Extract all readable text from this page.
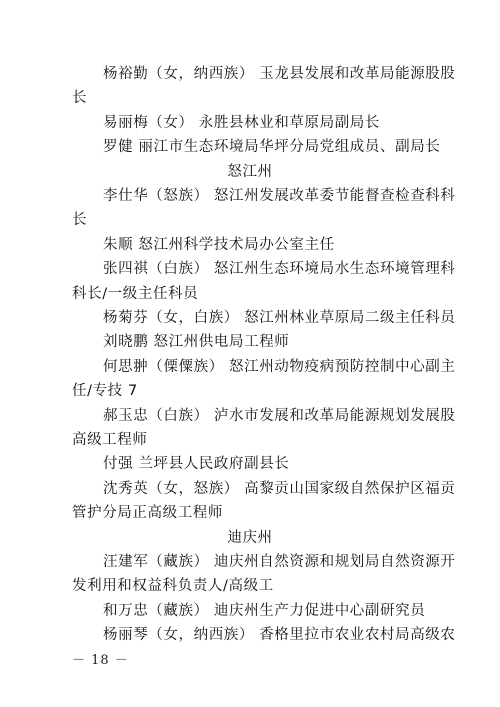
杨裕勤（女，纳西族） 玉龙县发展和改革局能源股股
长
易丽梅（女） 永胜县林业和草原局副局长
罗健 丽江市生态环境局华坪分局党组成员、副局长
怒江州
李仕华（怒族） 怒江州发展改革委节能督查检查科科
长
朱顺 怒江州科学技术局办公室主任
张四祺（白族） 怒江州生态环境局水生态环境管理科
科长/一级主任科员
杨菊芬（女，白族） 怒江州林业草原局二级主任科员
刘晓鹏 怒江州供电局工程师
何思翀（傈僳族） 怒江州动物疫病预防控制中心副主
任/专技 7
郝玉忠（白族） 泸水市发展和改革局能源规划发展股
高级工程师
付强 兰坪县人民政府副县长
沈秀英（女，怒族） 高黎贡山国家级自然保护区福贡
管护分局正高级工程师
迪庆州
汪建军（藏族） 迪庆州自然资源和规划局自然资源开
发利用和权益科负责人/高级工
和万忠（藏族） 迪庆州生产力促进中心副研究员
杨丽琴（女，纳西族） 香格里拉市农业农村局高级农
－ 18 －
